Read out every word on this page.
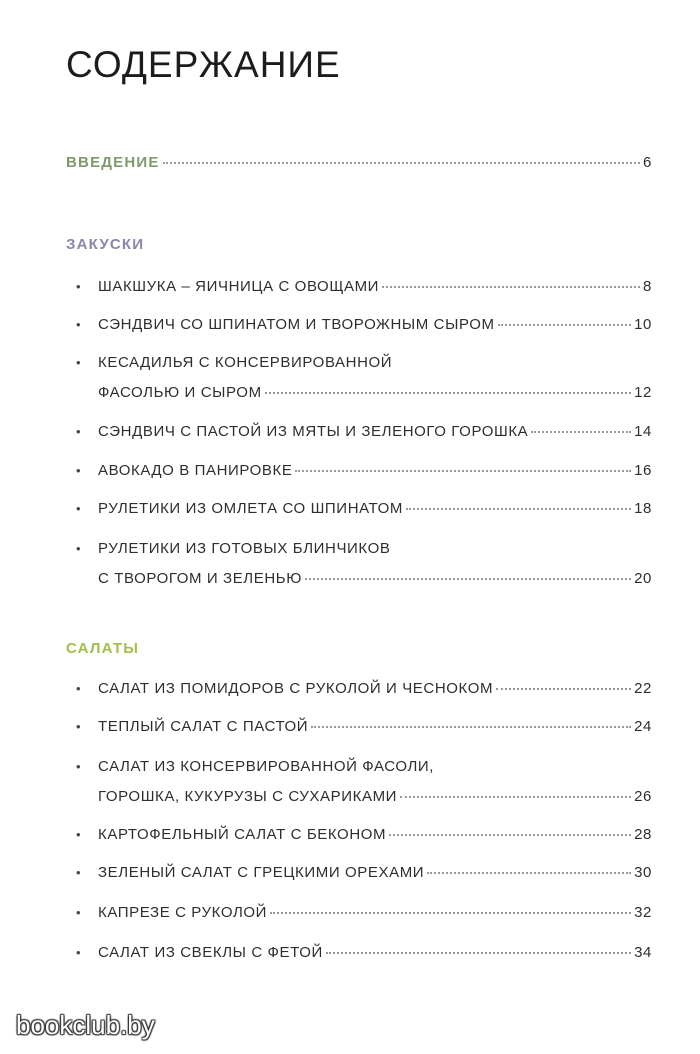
СОДЕРЖАНИЕ
ВВЕДЕНИЕ	6
ЗАКУСКИ
•	ШАКШУКА – ЯИЧНИЦА С ОВОЩАМИ	8
•	СЭНДВИЧ СО ШПИНАТОМ И ТВОРОЖНЫМ СЫРОМ	10
•	КЕСАДИЛЬЯ С КОНСЕРВИРОВАННОЙ
ФАСОЛЬЮ И СЫРОМ	12
•	СЭНДВИЧ С ПАСТОЙ ИЗ МЯТЫ И ЗЕЛЕНОГО ГОРОШКА	14
•	АВОКАДО В ПАНИРОВКЕ	16
•	РУЛЕТИКИ ИЗ ОМЛЕТА СО ШПИНАТОМ	18
•	РУЛЕТИКИ ИЗ ГОТОВЫХ БЛИНЧИКОВ
С ТВОРОГОМ И ЗЕЛЕНЬЮ	20
САЛАТЫ
•	САЛАТ ИЗ ПОМИДОРОВ С РУКОЛОЙ И ЧЕСНОКОМ	22
•	ТЕПЛЫЙ САЛАТ С ПАСТОЙ	24
•	САЛАТ ИЗ КОНСЕРВИРОВАННОЙ ФАСОЛИ,
ГОРОШКА, КУКУРУЗЫ С СУХАРИКАМИ	26
•	КАРТОФЕЛЬНЫЙ САЛАТ С БЕКОНОМ	28
•	ЗЕЛЕНЫЙ САЛАТ С ГРЕЦКИМИ ОРЕХАМИ	30
•	КАПРЕЗЕ С РУКОЛОЙ	32
•	САЛАТ ИЗ СВЕКЛЫ С ФЕТОЙ	34
bookclub.by
